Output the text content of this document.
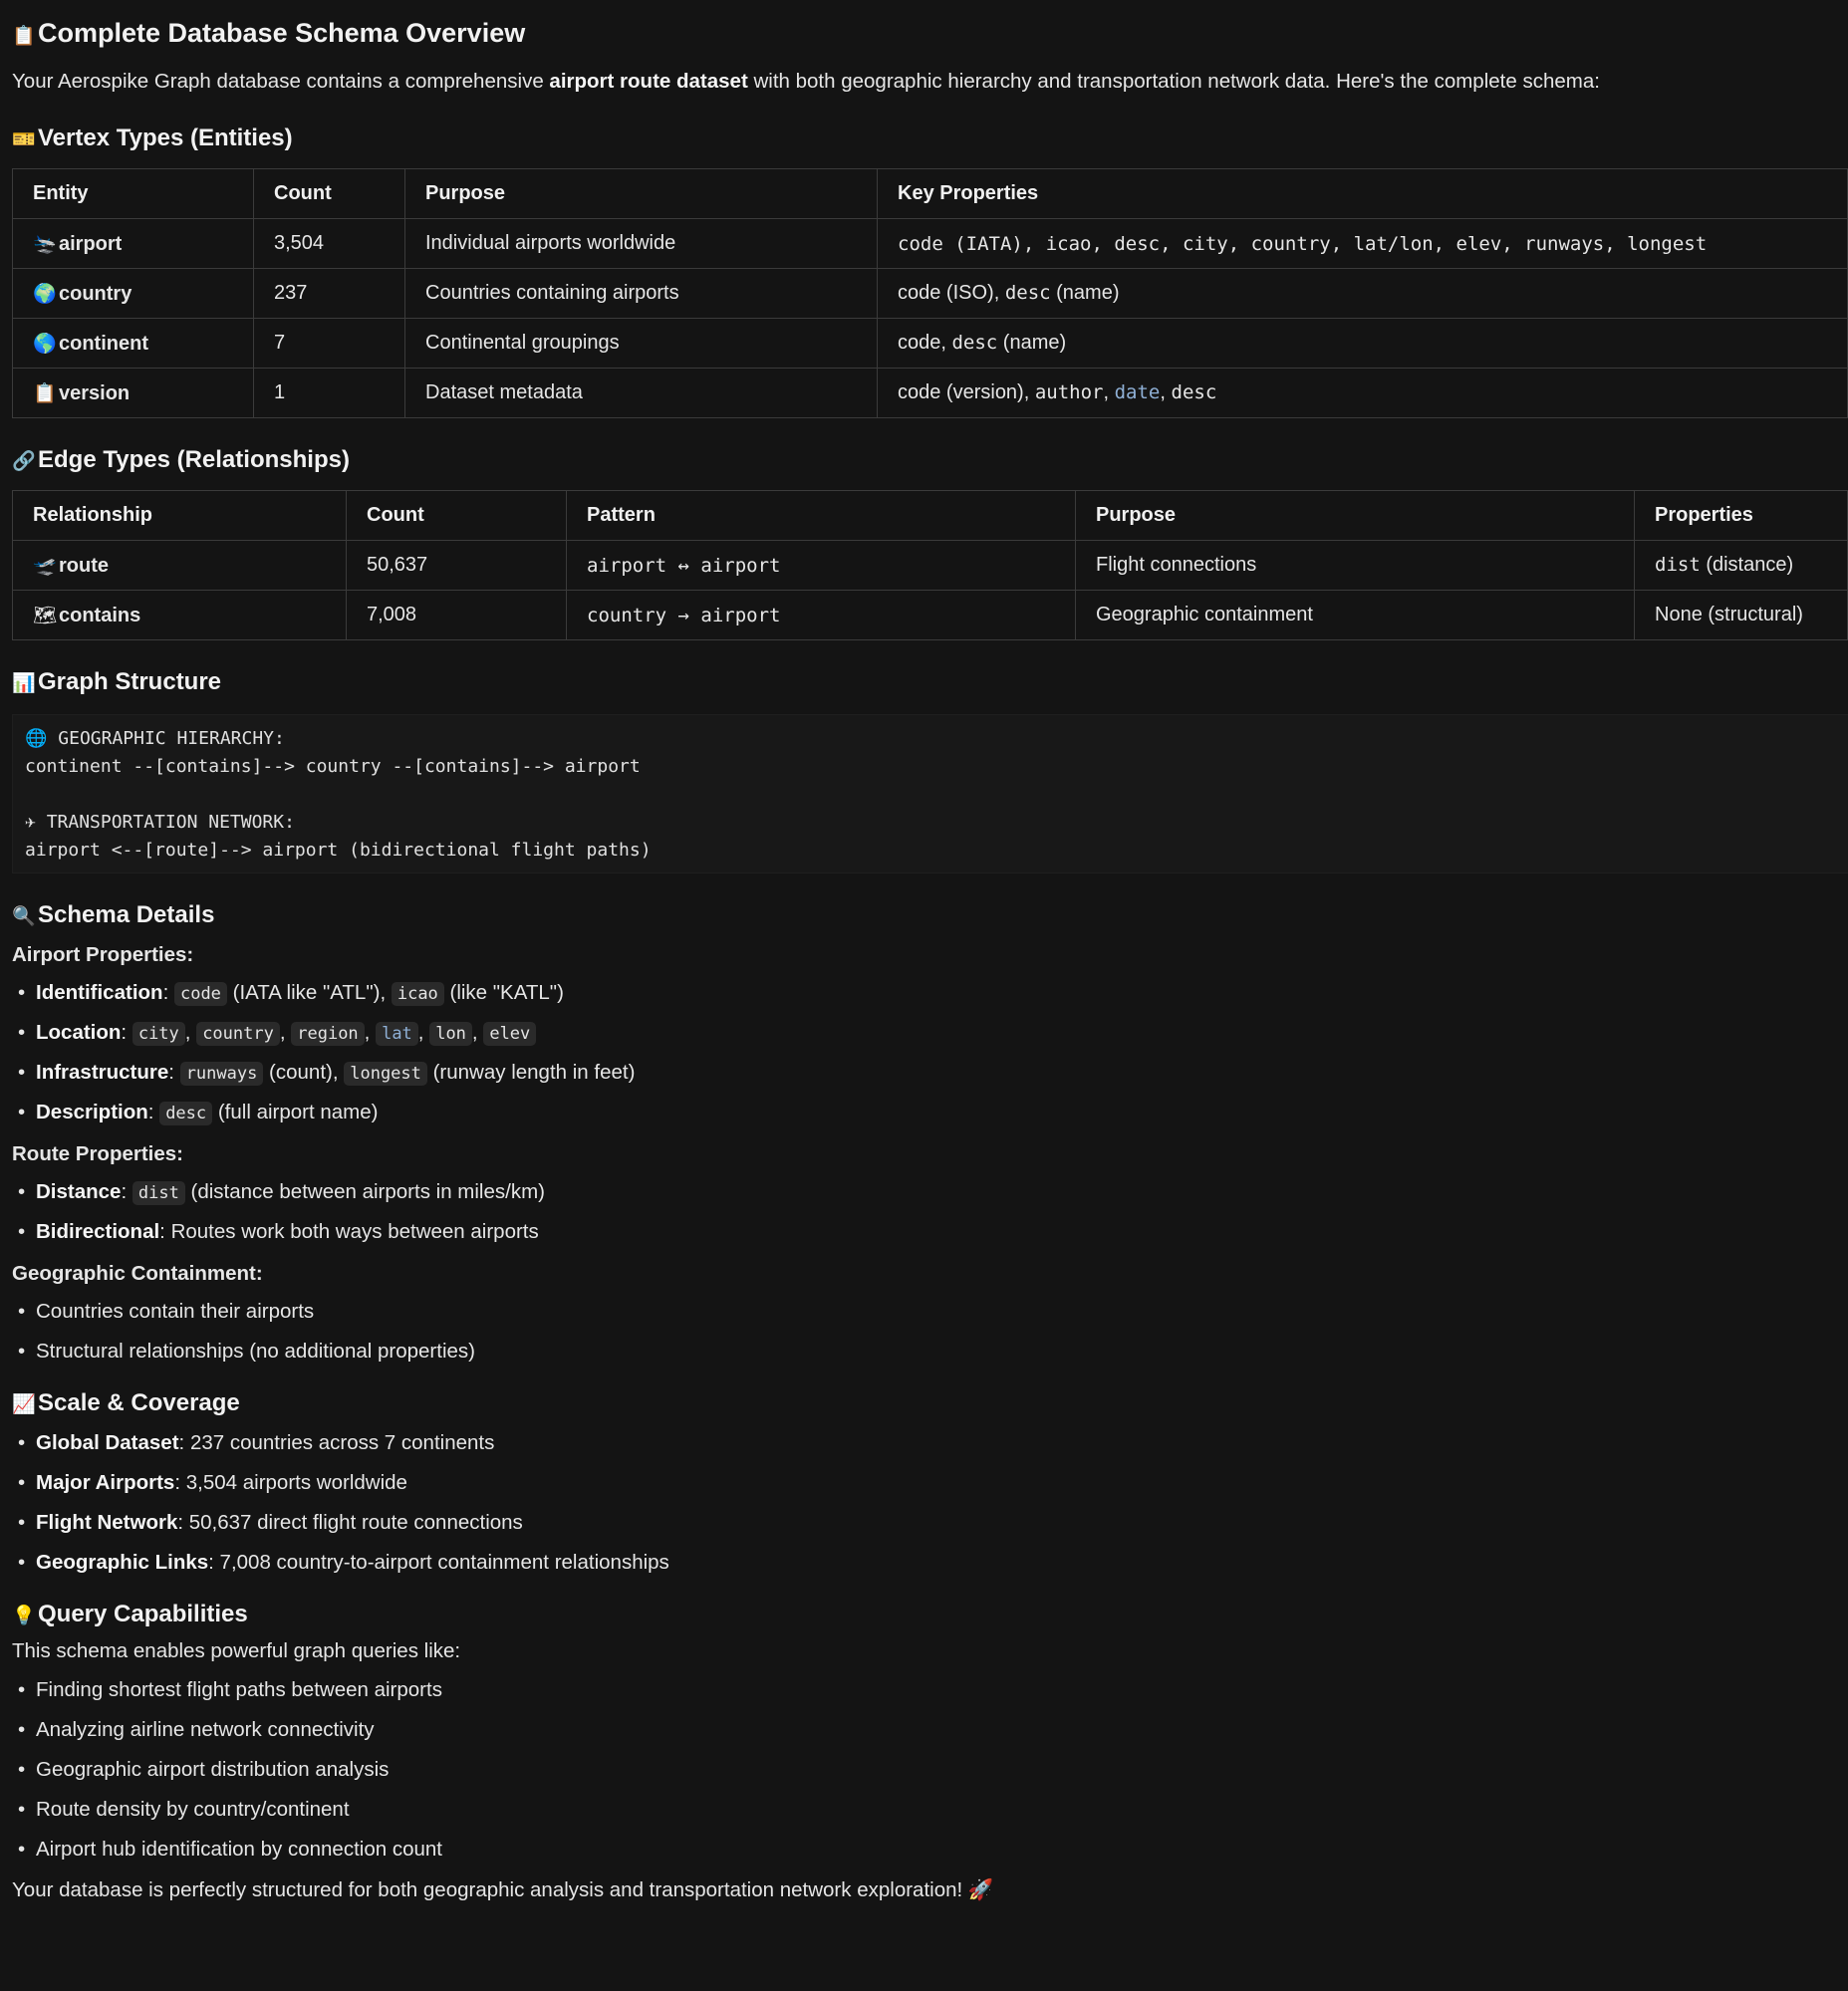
📋Complete Database Schema Overview

Your Aerospike Graph database contains a comprehensive airport route dataset with both geographic hierarchy and transportation network data. Here's the complete schema:

🎫Vertex Types (Entities)
Entity	Count	Purpose	Key Properties
🛬 airport	3,504	Individual airports worldwide	code (IATA), icao, desc, city, country, lat/lon, elev, runways, longest
🌍 country	237	Countries containing airports	code (ISO), desc (name)
🌎 continent	7	Continental groupings	code, desc (name)
📋 version	1	Dataset metadata	code (version), author, date, desc
🔗Edge Types (Relationships)
Relationship	Count	Pattern	Purpose	Properties
🛫 route	50,637	airport ↔ airport	Flight connections	dist (distance)
🗺contains	7,008	country → airport	Geographic containment	None (structural)
📊Graph Structure
🌐 GEOGRAPHIC HIERARCHY:
continent --[contains]--> country --[contains]--> airport
✈ TRANSPORTATION NETWORK:
airport <--[route]--> airport (bidirectional flight paths)
🔍Schema Details

Airport Properties:

• Identification: code (IATA like "ATL"), icao (like "KATL")
• Location: city , country , region , lat , lon , elev
• Infrastructure: runways (count), longest (runway length in feet)
• Description: desc (full airport name)

Route Properties:

• Distance: dist (distance between airports in miles/km)
• Bidirectional: Routes work both ways between airports

Geographic Containment:

• Countries contain their airports
• Structural relationships (no additional properties)
📈Scale & Coverage
• Global Dataset: 237 countries across 7 continents
• Major Airports: 3,504 airports worldwide
• Flight Network: 50,637 direct flight route connections
• Geographic Links: 7,008 country-to-airport containment relationships
💡Query Capabilities

This schema enables powerful graph queries like:

• Finding shortest flight paths between airports
• Analyzing airline network connectivity
• Geographic airport distribution analysis
• Route density by country/continent
• Airport hub identification by connection count

Your database is perfectly structured for both geographic analysis and transportation network exploration! 🚀
